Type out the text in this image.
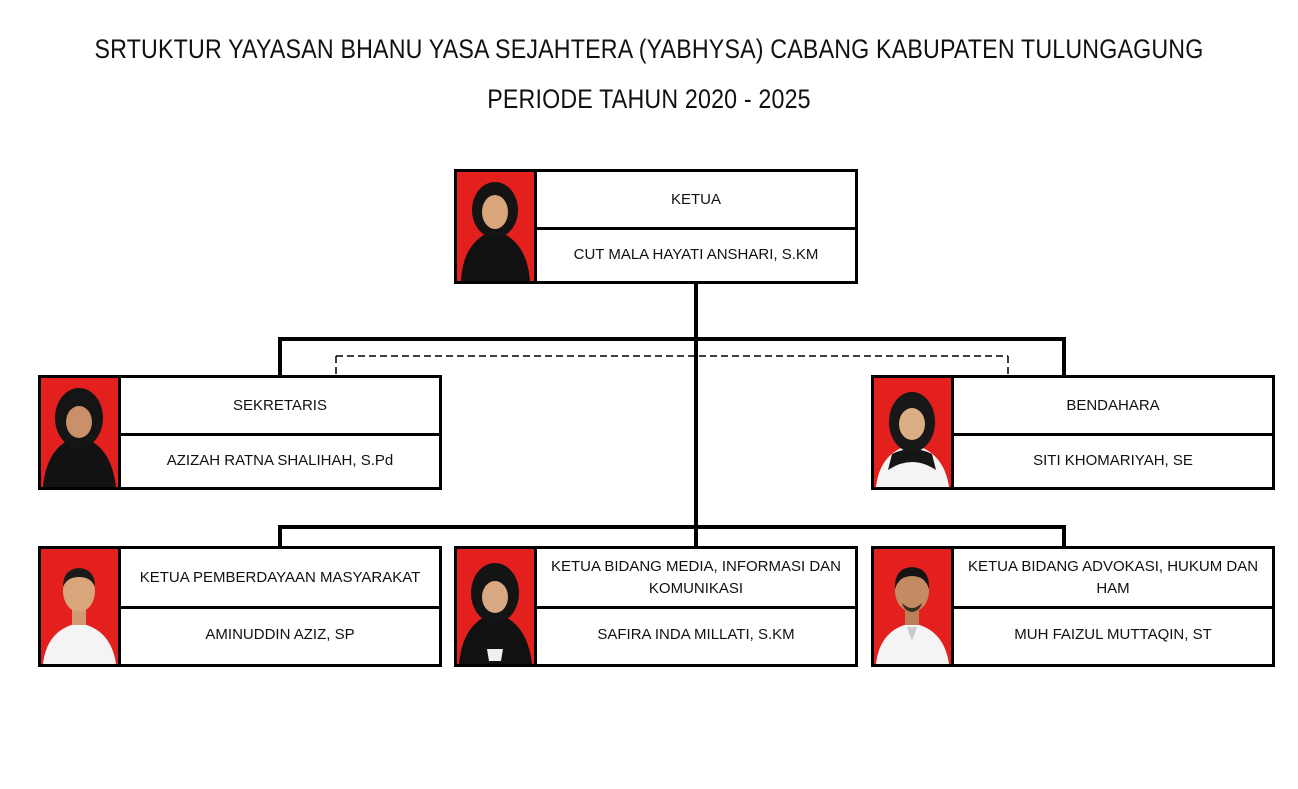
SRTUKTUR YAYASAN BHANU YASA SEJAHTERA (YABHYSA) CABANG KABUPATEN TULUNGAGUNG
PERIODE TAHUN 2020 - 2025
KETUA
CUT MALA HAYATI ANSHARI, S.KM
SEKRETARIS
AZIZAH RATNA SHALIHAH, S.Pd
BENDAHARA
SITI KHOMARIYAH, SE
KETUA PEMBERDAYAAN MASYARAKAT
AMINUDDIN AZIZ, SP
KETUA BIDANG MEDIA, INFORMASI DAN KOMUNIKASI
SAFIRA INDA MILLATI, S.KM
KETUA BIDANG ADVOKASI, HUKUM DAN HAM
MUH FAIZUL MUTTAQIN, ST
